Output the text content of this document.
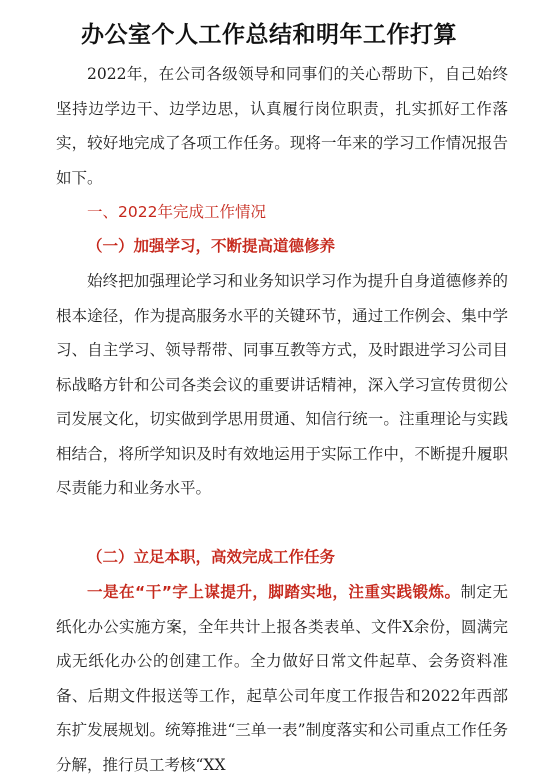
办公室个人工作总结和明年工作打算

2022年，在公司各级领导和同事们的关心帮助下，自己始终坚持边学边干、边学边思，认真履行岗位职责，扎实抓好工作落实，较好地完成了各项工作任务。现将一年来的学习工作情况报告如下。

一、2022年完成工作情况

（一）加强学习，不断提高道德修养

始终把加强理论学习和业务知识学习作为提升自身道德修养的根本途径，作为提高服务水平的关键环节，通过工作例会、集中学习、自主学习、领导帮带、同事互教等方式，及时跟进学习公司目标战略方针和公司各类会议的重要讲话精神，深入学习宣传贯彻公司发展文化，切实做到学思用贯通、知信行统一。注重理论与实践相结合，将所学知识及时有效地运用于实际工作中，不断提升履职尽责能力和业务水平。

（二）立足本职，高效完成工作任务

一是在“干”字上谋提升，脚踏实地，注重实践锻炼。制定无纸化办公实施方案，全年共计上报各类表单、文件X余份，圆满完成无纸化办公的创建工作。全力做好日常文件起草、会务资料准备、后期文件报送等工作，起草公司年度工作报告和2022年西部东扩发展规划。统筹推进“三单一表”制度落实和公司重点工作任务分解，推行员工考核“XX
